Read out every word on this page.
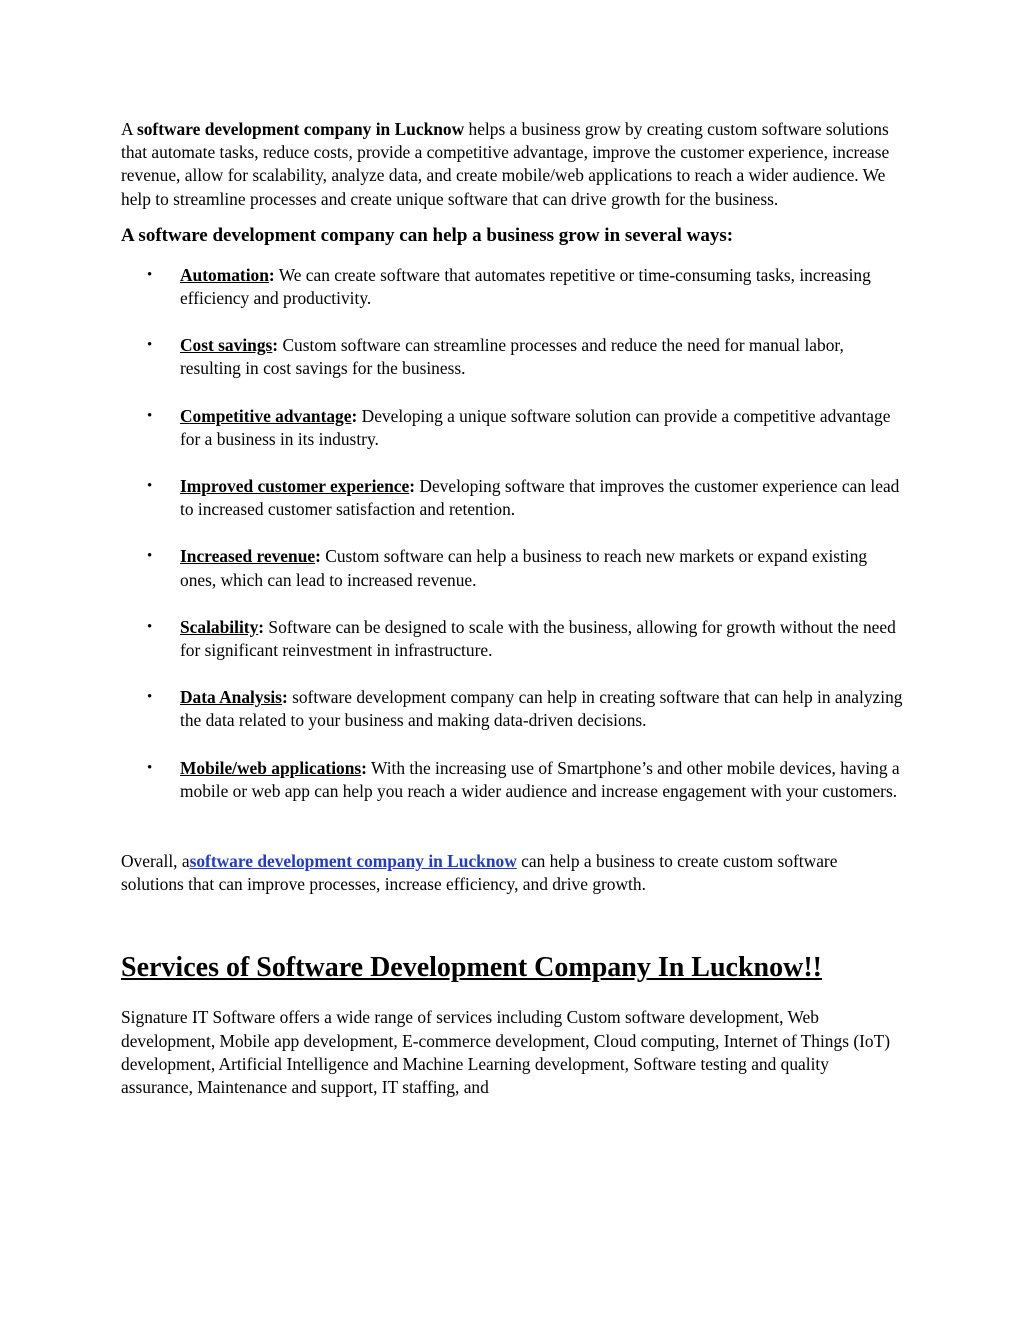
A software development company in Lucknow helps a business grow by creating custom software solutions that automate tasks, reduce costs, provide a competitive advantage, improve the customer experience, increase revenue, allow for scalability, analyze data, and create mobile/web applications to reach a wider audience. We help to streamline processes and create unique software that can drive growth for the business.

A software development company can help a business grow in several ways:

• Automation: We can create software that automates repetitive or time-consuming tasks, increasing efficiency and productivity.
• Cost savings: Custom software can streamline processes and reduce the need for manual labor, resulting in cost savings for the business.
• Competitive advantage: Developing a unique software solution can provide a competitive advantage for a business in its industry.
• Improved customer experience: Developing software that improves the customer experience can lead to increased customer satisfaction and retention.
• Increased revenue: Custom software can help a business to reach new markets or expand existing ones, which can lead to increased revenue.
• Scalability: Software can be designed to scale with the business, allowing for growth without the need for significant reinvestment in infrastructure.
• Data Analysis: software development company can help in creating software that can help in analyzing the data related to your business and making data-driven decisions.
• Mobile/web applications: With the increasing use of Smartphone’s and other mobile devices, having a mobile or web app can help you reach a wider audience and increase engagement with your customers.

Overall, asoftware development company in Lucknow can help a business to create custom software solutions that can improve processes, increase efficiency, and drive growth.

Services of Software Development Company In Lucknow!!

Signature IT Software offers a wide range of services including Custom software development, Web development, Mobile app development, E-commerce development, Cloud computing, Internet of Things (IoT) development, Artificial Intelligence and Machine Learning development, Software testing and quality assurance, Maintenance and support, IT staffing, and
